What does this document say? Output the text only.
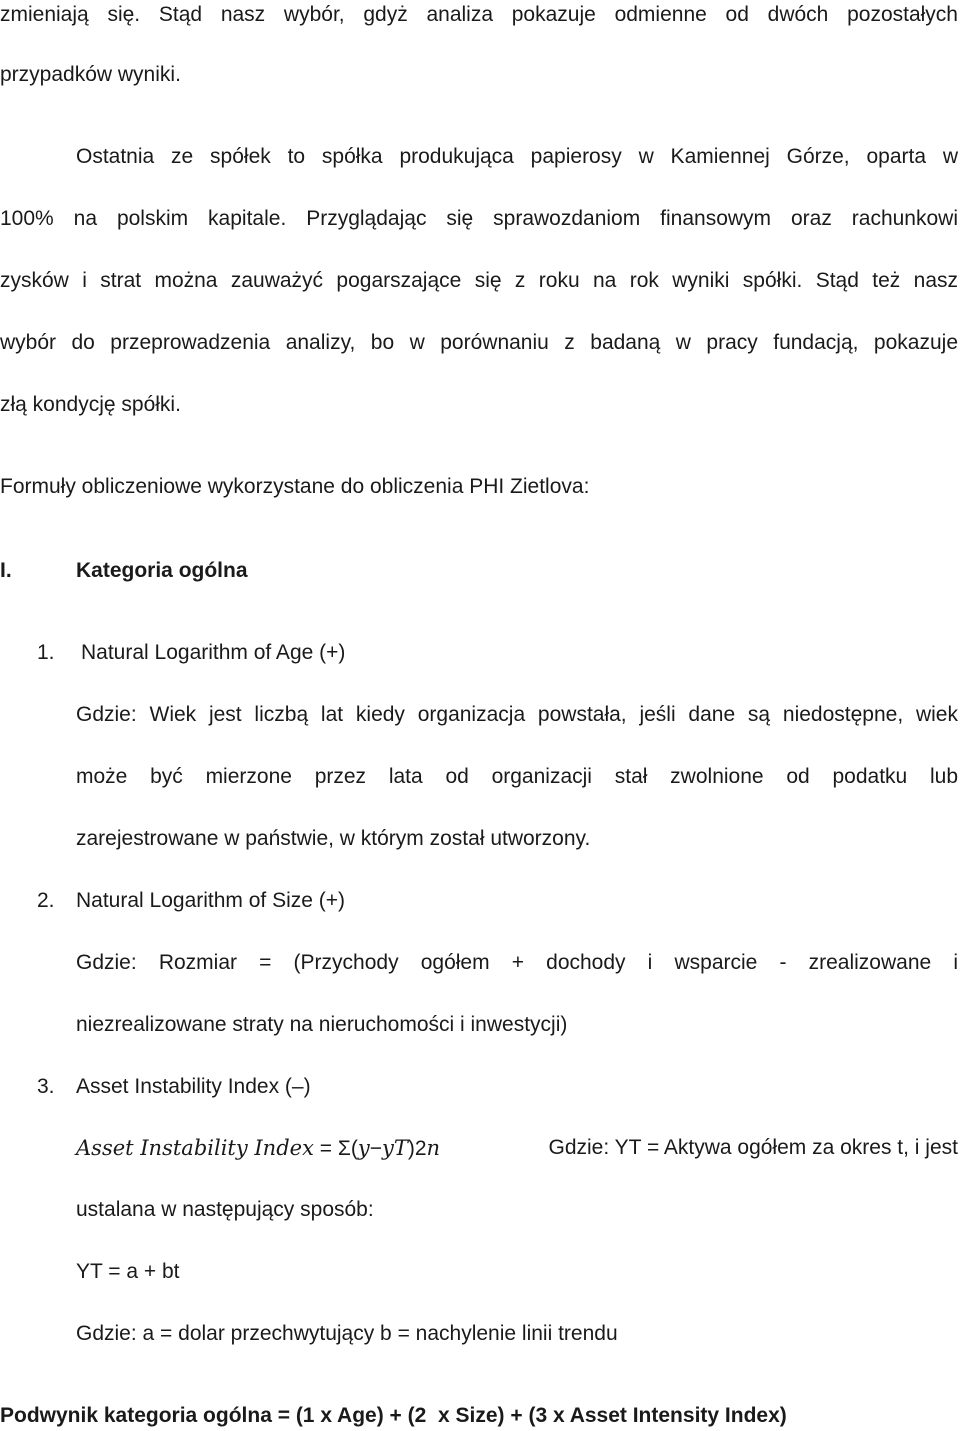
zmieniają się. Stąd nasz wybór, gdyż analiza pokazuje odmienne od dwóch pozostałych
przypadków wyniki.
Ostatnia ze spółek to spółka produkująca papierosy w Kamiennej Górze, oparta w
100% na polskim kapitale. Przyglądając się sprawozdaniom finansowym oraz rachunkowi
zysków i strat można zauważyć pogarszające się z roku na rok wyniki spółki. Stąd też nasz
wybór do przeprowadzenia analizy, bo w porównaniu z badaną w pracy fundacją, pokazuje
złą kondycję spółki.
Formuły obliczeniowe wykorzystane do obliczenia PHI Zietlova:
I.	Kategoria ogólna
1. Natural Logarithm of Age (+)
Gdzie: Wiek jest liczbą lat kiedy organizacja powstała, jeśli dane są niedostępne, wiek
może być mierzone przez lata od organizacji stał zwolnione od podatku lub
zarejestrowane w państwie, w którym został utworzony.
2. Natural Logarithm of Size (+)
Gdzie: Rozmiar = (Przychody ogółem + dochody i wsparcie - zrealizowane i
niezrealizowane straty na nieruchomości i inwestycji)
3. Asset Instability Index (–)
Asset Instability Index = Σ(y−yT)2n	Gdzie: YT = Aktywa ogółem za okres t, i jest
ustalana w następujący sposób:
YT = a + bt
Gdzie: a = dolar przechwytujący b = nachylenie linii trendu
Podwynik kategoria ogólna = (1 x Age) + (2  x Size) + (3 x Asset Intensity Index)
